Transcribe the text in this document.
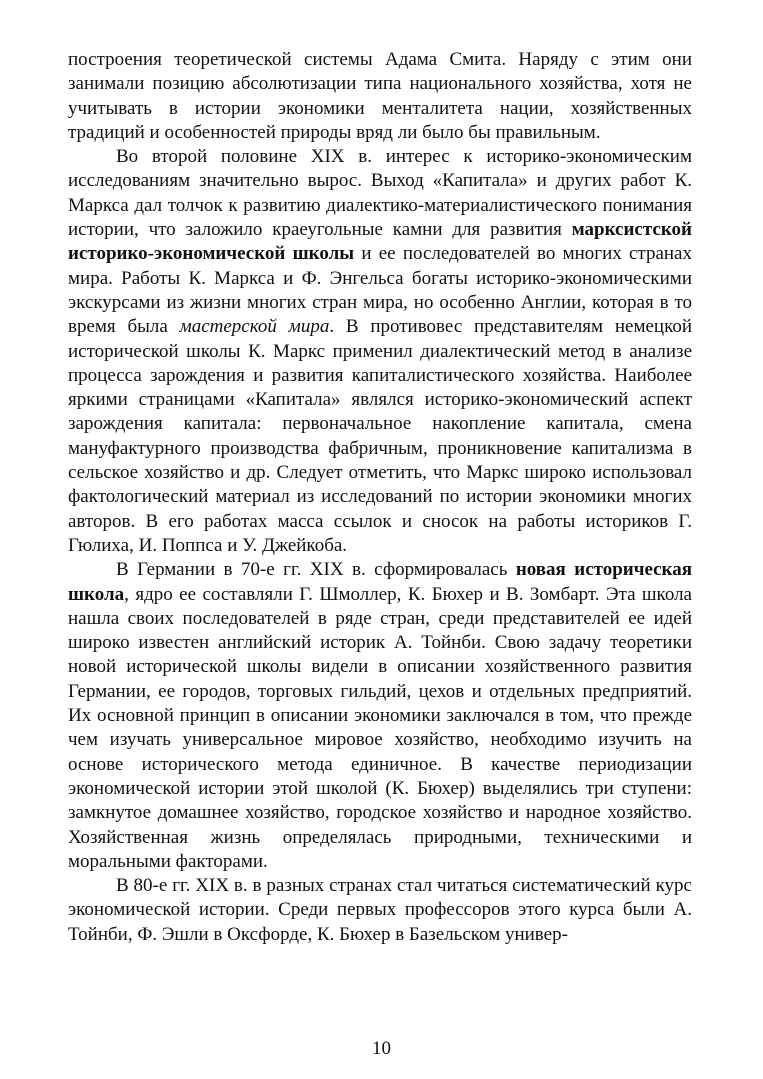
построения теоретической системы Адама Смита. Наряду с этим они занимали позицию абсолютизации типа национального хозяйства, хотя не учитывать в истории экономики менталитета нации, хозяйственных традиций и особенностей природы вряд ли было бы правильным.

Во второй половине XIX в. интерес к историко-экономическим исследованиям значительно вырос. Выход «Капитала» и других работ К. Маркса дал толчок к развитию диалектико-материалистического понимания истории, что заложило краеугольные камни для развития марксистской историко-экономической школы и ее последователей во многих странах мира. Работы К. Маркса и Ф. Энгельса богаты историко-экономическими экскурсами из жизни многих стран мира, но особенно Англии, которая в то время была мастерской мира. В противовес представителям немецкой исторической школы К. Маркс применил диалектический метод в анализе процесса зарождения и развития капиталистического хозяйства. Наиболее яркими страницами «Капитала» являлся историко-экономический аспект зарождения капитала: первоначальное накопление капитала, смена мануфактурного производства фабричным, проникновение капитализма в сельское хозяйство и др. Следует отметить, что Маркс широко использовал фактологический материал из исследований по истории экономики многих авторов. В его работах масса ссылок и сносок на работы историков Г. Гюлиха, И. Поппса и У. Джейкоба.

В Германии в 70-е гг. XIX в. сформировалась новая историческая школа, ядро ее составляли Г. Шмоллер, К. Бюхер и В. Зомбарт. Эта школа нашла своих последователей в ряде стран, среди представителей ее идей широко известен английский историк А. Тойнби. Свою задачу теоретики новой исторической школы видели в описании хозяйственного развития Германии, ее городов, торговых гильдий, цехов и отдельных предприятий. Их основной принцип в описании экономики заключался в том, что прежде чем изучать универсальное мировое хозяйство, необходимо изучить на основе исторического метода единичное. В качестве периодизации экономической истории этой школой (К. Бюхер) выделялись три ступени: замкнутое домашнее хозяйство, городское хозяйство и народное хозяйство. Хозяйственная жизнь определялась природными, техническими и моральными факторами.

В 80-е гг. XIX в. в разных странах стал читаться систематический курс экономической истории. Среди первых профессоров этого курса были А. Тойнби, Ф. Эшли в Оксфорде, К. Бюхер в Базельском универ-

10
